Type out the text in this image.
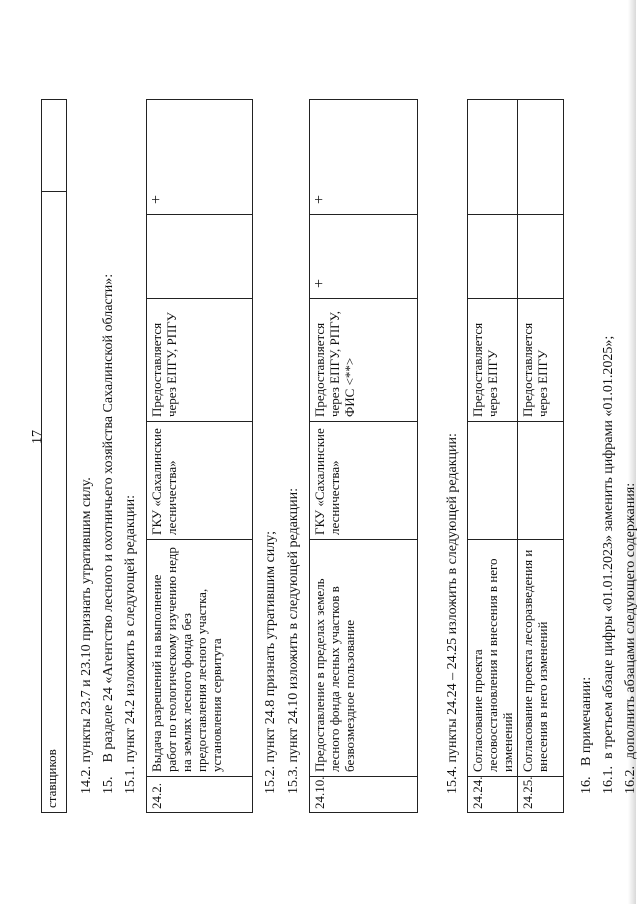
17
ставщиков	14.2. пункты 23.7 и 23.10 признать утратившим силу. 15.    В разделе 24 «Агентство лесного и охотничьего хозяйства Сахалинской области»: 15.1. пункт 24.2 изложить в следующей редакции:
24.2.	Выдача разрешений на выполнение работ по геологическому изучению недр на землях лесного фонда без предоставления лесного участка, установления сервитута	ГКУ «Сахалинские лесничества»	Предоставляется через ЕПГУ, РПГУ		+
15.2. пункт 24.8 признать утратившим силу; 15.3. пункт 24.10 изложить в следующей редакции: 24.10.	Предоставление в пределах земель лесного фонда лесных участков в безвозмездное пользование	ГКУ «Сахалинские лесничества»	Предоставляется через ЕПГУ, РПГУ, ФИС <**>	+	+
15.4. пункты 24.24 – 24.25 изложить в следующей редакции: 24.24.	Согласование проекта лесовосстановления и внесения в него изменений		Предоставляется через ЕПГУ		
24.25.	Согласование проекта лесоразведения и внесения в него изменений		Предоставляется через ЕПГУ		
16.   В примечании: 16.1.  в третьем абзаце цифры «01.01.2023» заменить цифрами «01.01.2025»; 16.2.  дополнить абзацами следующего содержания:
